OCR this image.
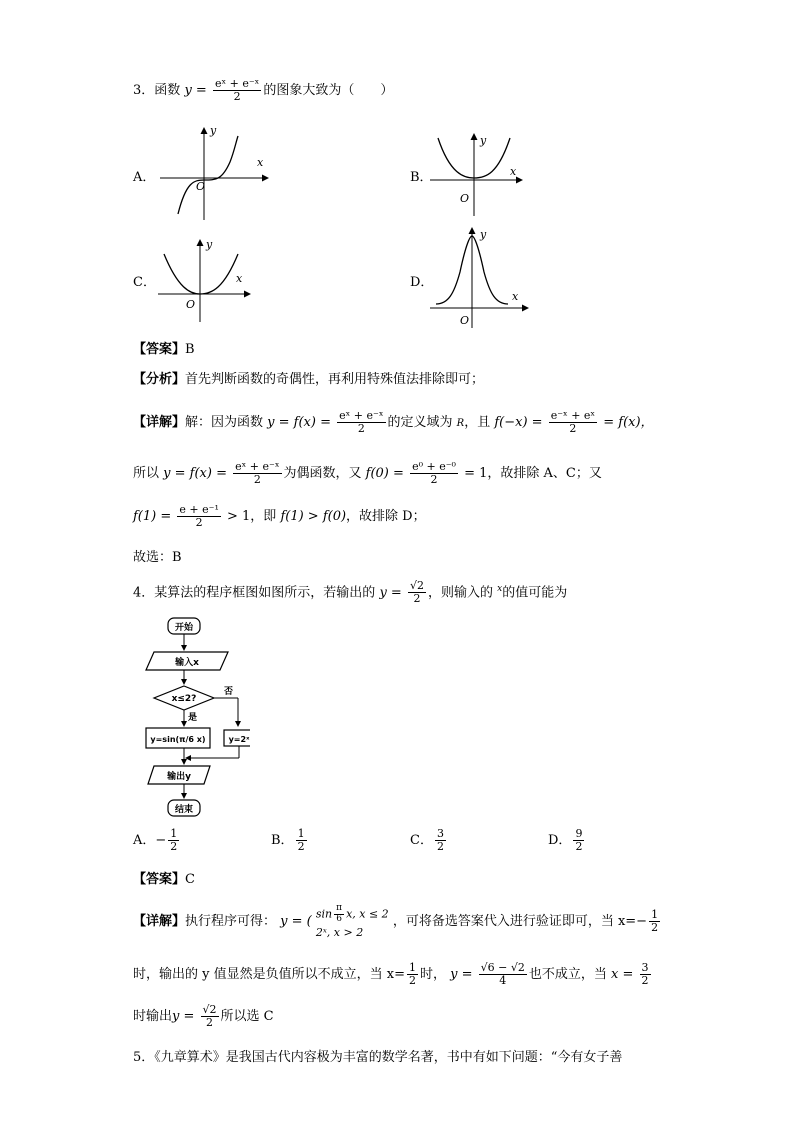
3．函数 $y = \frac{\text{eˣ + e⁻ˣ}}{2}$ 的图象大致为（　　）
A．	B．
C．	D．
y
x
O
y
x
O
y
x
O
y
x
O
【答案】B
【分析】首先判断函数的奇偶性，再利用特殊值法排除即可；
【详解】解：因为函数 $y = f(x) = \frac{\text{eˣ + e⁻ˣ}}{2}$ 的定义域为 R，且 $f(-x) = \frac{\text{e⁻ˣ + eˣ}}{2} = f(x)$，
所以 $y = f(x) = \frac{\text{eˣ + e⁻ˣ}}{2}$ 为偶函数，又 $f(0) = \frac{\text{e⁰ + e⁻⁰}}{2} = 1$，故排除 A、C；又
$f(1) = \frac{\text{e + e⁻¹}}{2} > 1$，即 f(1) > f(0)，故排除 D；
故选：B
4．某算法的程序框图如图所示，若输出的 $y = \frac{√2}{2}$ ，则输入的 $^x$的值可能为
开始
输入x
x≤2?
否
是
y=sin(π/6 x)	y=2ˣ
输出y
结束
A．− $\frac{1}{2}$	B． $\frac{1}{2}$	C． $\frac{3}{2}$	D． $\frac{9}{2}$
【答案】C
【详解】执行程序可得： y = ( $\sin \frac{\pi}{6} x$, x ≤ 2
2ˣ, x > 2
，可将备选答案代入进行验证即可，当 $x=- \frac{1}{2}$
时，输出的 y 值显然是负值所以不成立，当 $x= \frac{1}{2}$ 时， $y = \frac{√6 - √2}{4}$ 也不成立，当 $x = \frac{3}{2}$
时输出$y = \frac{√2}{2}$ 所以选 C
5．《九章算术》是我国古代内容极为丰富的数学名著，书中有如下问题：“今有女子善
